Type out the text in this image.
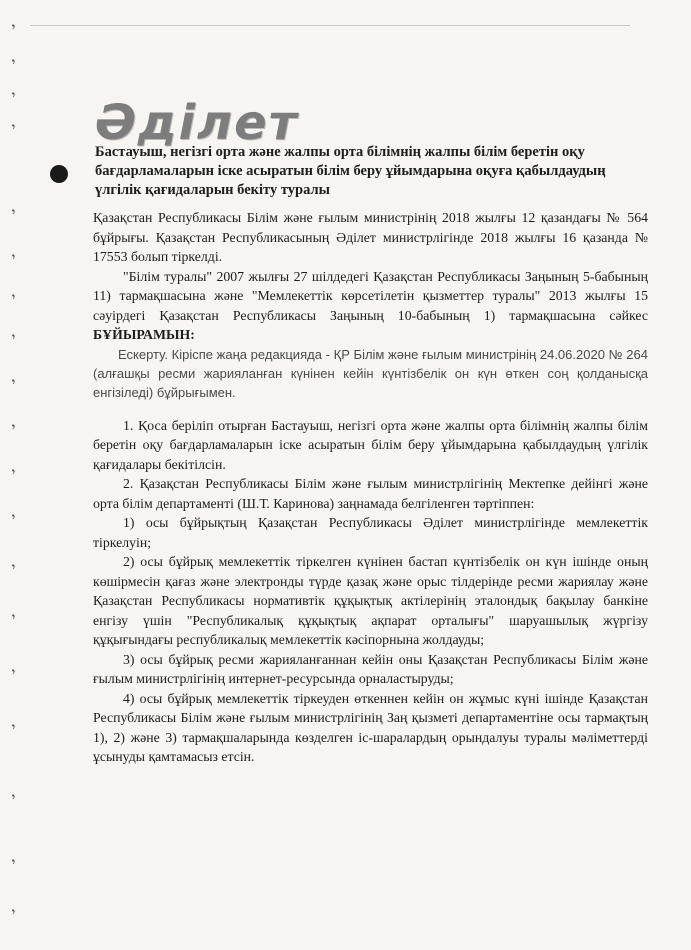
ʼ
ʼ
ʼ
ʼ
ʼ
ʼ
ʼ
ʼ
ʼ
ʼ
ʼ
ʼ
ʼ
ʼ
ʼ
ʼ
ʼ
ʼ
ʼ
Әділет
Бастауыш, негізгі орта және жалпы орта білімнің жалпы білім беретін оқу бағдарламаларын іске асыратын білім беру ұйымдарына оқуға қабылдаудың үлгілік қағидаларын бекіту туралы

Қазақстан Республикасы Білім және ғылым министрінің 2018 жылғы 12 қазандағы № 564 бұйрығы. Қазақстан Республикасының Әділет министрлігінде 2018 жылғы 16 қазанда № 17553 болып тіркелді.

"Білім туралы" 2007 жылғы 27 шілдедегі Қазақстан Республикасы Заңының 5-бабының 11) тармақшасына және "Мемлекеттік көрсетілетін қызметтер туралы" 2013 жылғы 15 сәуірдегі Қазақстан Республикасы Заңының 10-бабының 1) тармақшасына сәйкес БҰЙЫРАМЫН:

Ескерту. Кіріспе жаңа редакцияда - ҚР Білім және ғылым министрінің 24.06.2020 № 264 (алғашқы ресми жарияланған күнінен кейін күнтізбелік он күн өткен соң қолданысқа енгізіледі) бұйрығымен.

1. Қоса беріліп отырған Бастауыш, негізгі орта және жалпы орта білімнің жалпы білім беретін оқу бағдарламаларын іске асыратын білім беру ұйымдарына қабылдаудың үлгілік қағидалары бекітілсін.

2. Қазақстан Республикасы Білім және ғылым министрлігінің Мектепке дейінгі және орта білім департаменті (Ш.Т. Каринова) заңнамада белгіленген тәртіппен:

1) осы бұйрықтың Қазақстан Республикасы Әділет министрлігінде мемлекеттік тіркелуін;

2) осы бұйрық мемлекеттік тіркелген күнінен бастап күнтізбелік он күн ішінде оның көшірмесін қағаз және электронды түрде қазақ және орыс тілдерінде ресми жариялау және Қазақстан Республикасы нормативтік құқықтық актілерінің эталондық бақылау банкіне енгізу үшін "Республикалық құқықтық ақпарат орталығы" шаруашылық жүргізу құқығындағы республикалық мемлекеттік кәсіпорнына жолдауды;

3) осы бұйрық ресми жарияланғаннан кейін оны Қазақстан Республикасы Білім және ғылым министрлігінің интернет-ресурсында орналастыруды;

4) осы бұйрық мемлекеттік тіркеуден өткеннен кейін он жұмыс күні ішінде Қазақстан Республикасы Білім және ғылым министрлігінің Заң қызметі департаментіне осы тармақтың 1), 2) және 3) тармақшаларында көзделген іс-шаралардың орындалуы туралы мәліметтерді ұсынуды қамтамасыз етсін.
